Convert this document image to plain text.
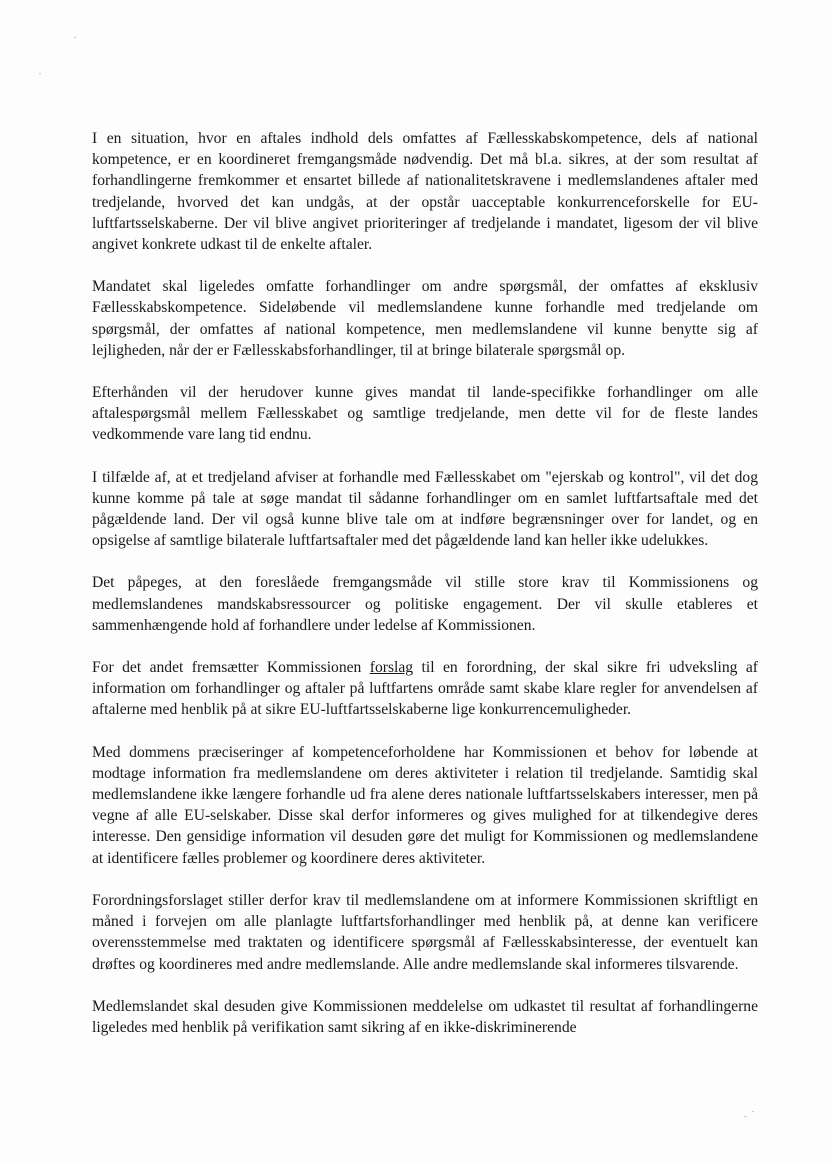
I en situation, hvor en aftales indhold dels omfattes af Fællesskabskompetence, dels af national kompetence, er en koordineret fremgangsmåde nødvendig. Det må bl.a. sikres, at der som resultat af forhandlingerne fremkommer et ensartet billede af nationalitetskravene i medlemslandenes aftaler med tredjelande, hvorved det kan undgås, at der opstår uacceptable konkurrenceforskelle for EU-luftfartsselskaberne. Der vil blive angivet prioriteringer af tredjelande i mandatet, ligesom der vil blive angivet konkrete udkast til de enkelte aftaler.

Mandatet skal ligeledes omfatte forhandlinger om andre spørgsmål, der omfattes af eksklusiv Fællesskabskompetence. Sideløbende vil medlemslandene kunne forhandle med tredjelande om spørgsmål, der omfattes af national kompetence, men medlemslandene vil kunne benytte sig af lejligheden, når der er Fællesskabsforhandlinger, til at bringe bilaterale spørgsmål op.

Efterhånden vil der herudover kunne gives mandat til lande-specifikke forhandlinger om alle aftalespørgsmål mellem Fællesskabet og samtlige tredjelande, men dette vil for de fleste landes vedkommende vare lang tid endnu.

I tilfælde af, at et tredjeland afviser at forhandle med Fællesskabet om "ejerskab og kontrol", vil det dog kunne komme på tale at søge mandat til sådanne forhandlinger om en samlet luftfartsaftale med det pågældende land. Der vil også kunne blive tale om at indføre begrænsninger over for landet, og en opsigelse af samtlige bilaterale luftfartsaftaler med det pågældende land kan heller ikke udelukkes.

Det påpeges, at den foreslåede fremgangsmåde vil stille store krav til Kommissionens og medlemslandenes mandskabsressourcer og politiske engagement. Der vil skulle etableres et sammenhængende hold af forhandlere under ledelse af Kommissionen.

For det andet fremsætter Kommissionen forslag til en forordning, der skal sikre fri udveksling af information om forhandlinger og aftaler på luftfartens område samt skabe klare regler for anvendelsen af aftalerne med henblik på at sikre EU-luftfartsselskaberne lige konkurrencemuligheder.

Med dommens præciseringer af kompetenceforholdene har Kommissionen et behov for løbende at modtage information fra medlemslandene om deres aktiviteter i relation til tredjelande. Samtidig skal medlemslandene ikke længere forhandle ud fra alene deres nationale luftfartsselskabers interesser, men på vegne af alle EU-selskaber. Disse skal derfor informeres og gives mulighed for at tilkendegive deres interesse. Den gensidige information vil desuden gøre det muligt for Kommissionen og medlemslandene at identificere fælles problemer og koordinere deres aktiviteter.

Forordningsforslaget stiller derfor krav til medlemslandene om at informere Kommissionen skriftligt en måned i forvejen om alle planlagte luftfartsforhandlinger med henblik på, at denne kan verificere overensstemmelse med traktaten og identificere spørgsmål af Fællesskabsinteresse, der eventuelt kan drøftes og koordineres med andre medlemslande. Alle andre medlemslande skal informeres tilsvarende.

Medlemslandet skal desuden give Kommissionen meddelelse om udkastet til resultat af forhandlingerne ligeledes med henblik på verifikation samt sikring af en ikke-diskriminerende
